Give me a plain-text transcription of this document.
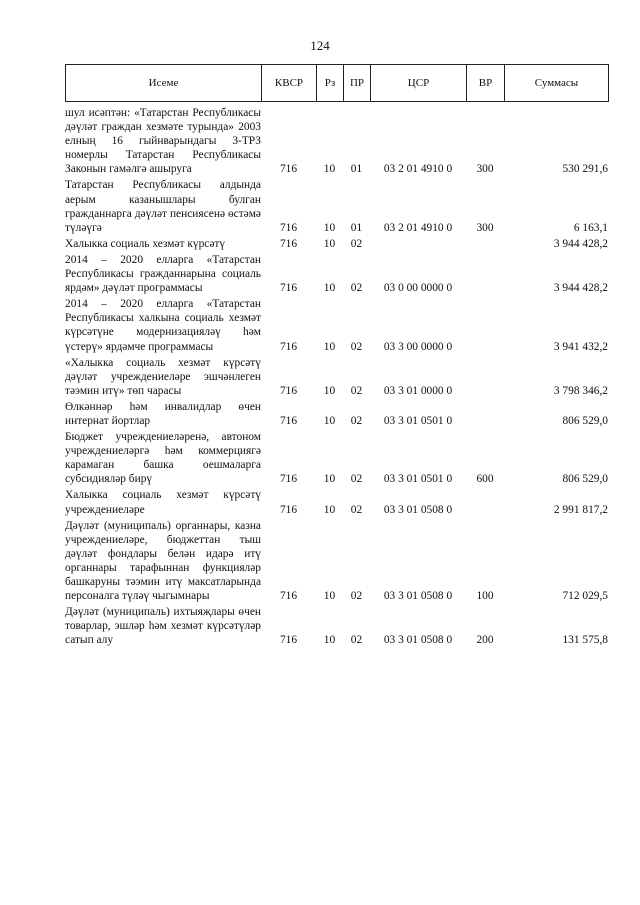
124
Исеме	КВСР	Рз	ПР	ЦСР	ВР	Суммасы
шул исәптән: «Татарстан Республикасы дәүләт граждан хезмәте турында» 2003 елның 16 гыйнварындагы 3-ТРЗ номерлы Татарстан Республикасы Законын гамәлгә ашыруга	716	10	01	03 2 01 4910 0	300	530 291,6
Татарстан Республикасы алдында аерым казанышлары булган гражданнарга дәүләт пенсиясенә өстәмә түләүгә	716	10	01	03 2 01 4910 0	300	6 163,1
Халыкка социаль хезмәт күрсәтү	716	10	02			3 944 428,2
2014 – 2020 елларга «Татарстан Республикасы гражданнарына социаль ярдәм» дәүләт программасы	716	10	02	03 0 00 0000 0		3 944 428,2
2014 – 2020 елларга «Татарстан Республикасы халкына социаль хезмәт күрсәтүне модернизацияләү һәм үстерү» ярдәмче программасы	716	10	02	03 3 00 0000 0		3 941 432,2
«Халыкка социаль хезмәт күрсәтү дәүләт учреждениеләре эшчәнлеген тәэмин итү» төп чарасы	716	10	02	03 3 01 0000 0		3 798 346,2
Өлкәннәр һәм инвалидлар өчен интернат йортлар	716	10	02	03 3 01 0501 0		806 529,0
Бюджет учреждениеләренә, автоном учреждениеләргә һәм коммерциягә карамаган башка оешмаларга субсидияләр бирү	716	10	02	03 3 01 0501 0	600	806 529,0
Халыкка социаль хезмәт күрсәтү учреждениеләре	716	10	02	03 3 01 0508 0		2 991 817,2
Дәүләт (муниципаль) органнары, казна учреждениеләре, бюджеттан тыш дәүләт фондлары белән идарә итү органнары тарафыннан функцияләр башкаруны тәэмин итү максатларында персоналга түләү чыгымнары	716	10	02	03 3 01 0508 0	100	712 029,5
Дәүләт (муниципаль) ихтыяҗлары өчен товарлар, эшләр һәм хезмәт күрсәтүләр сатып алу	716	10	02	03 3 01 0508 0	200	131 575,8
